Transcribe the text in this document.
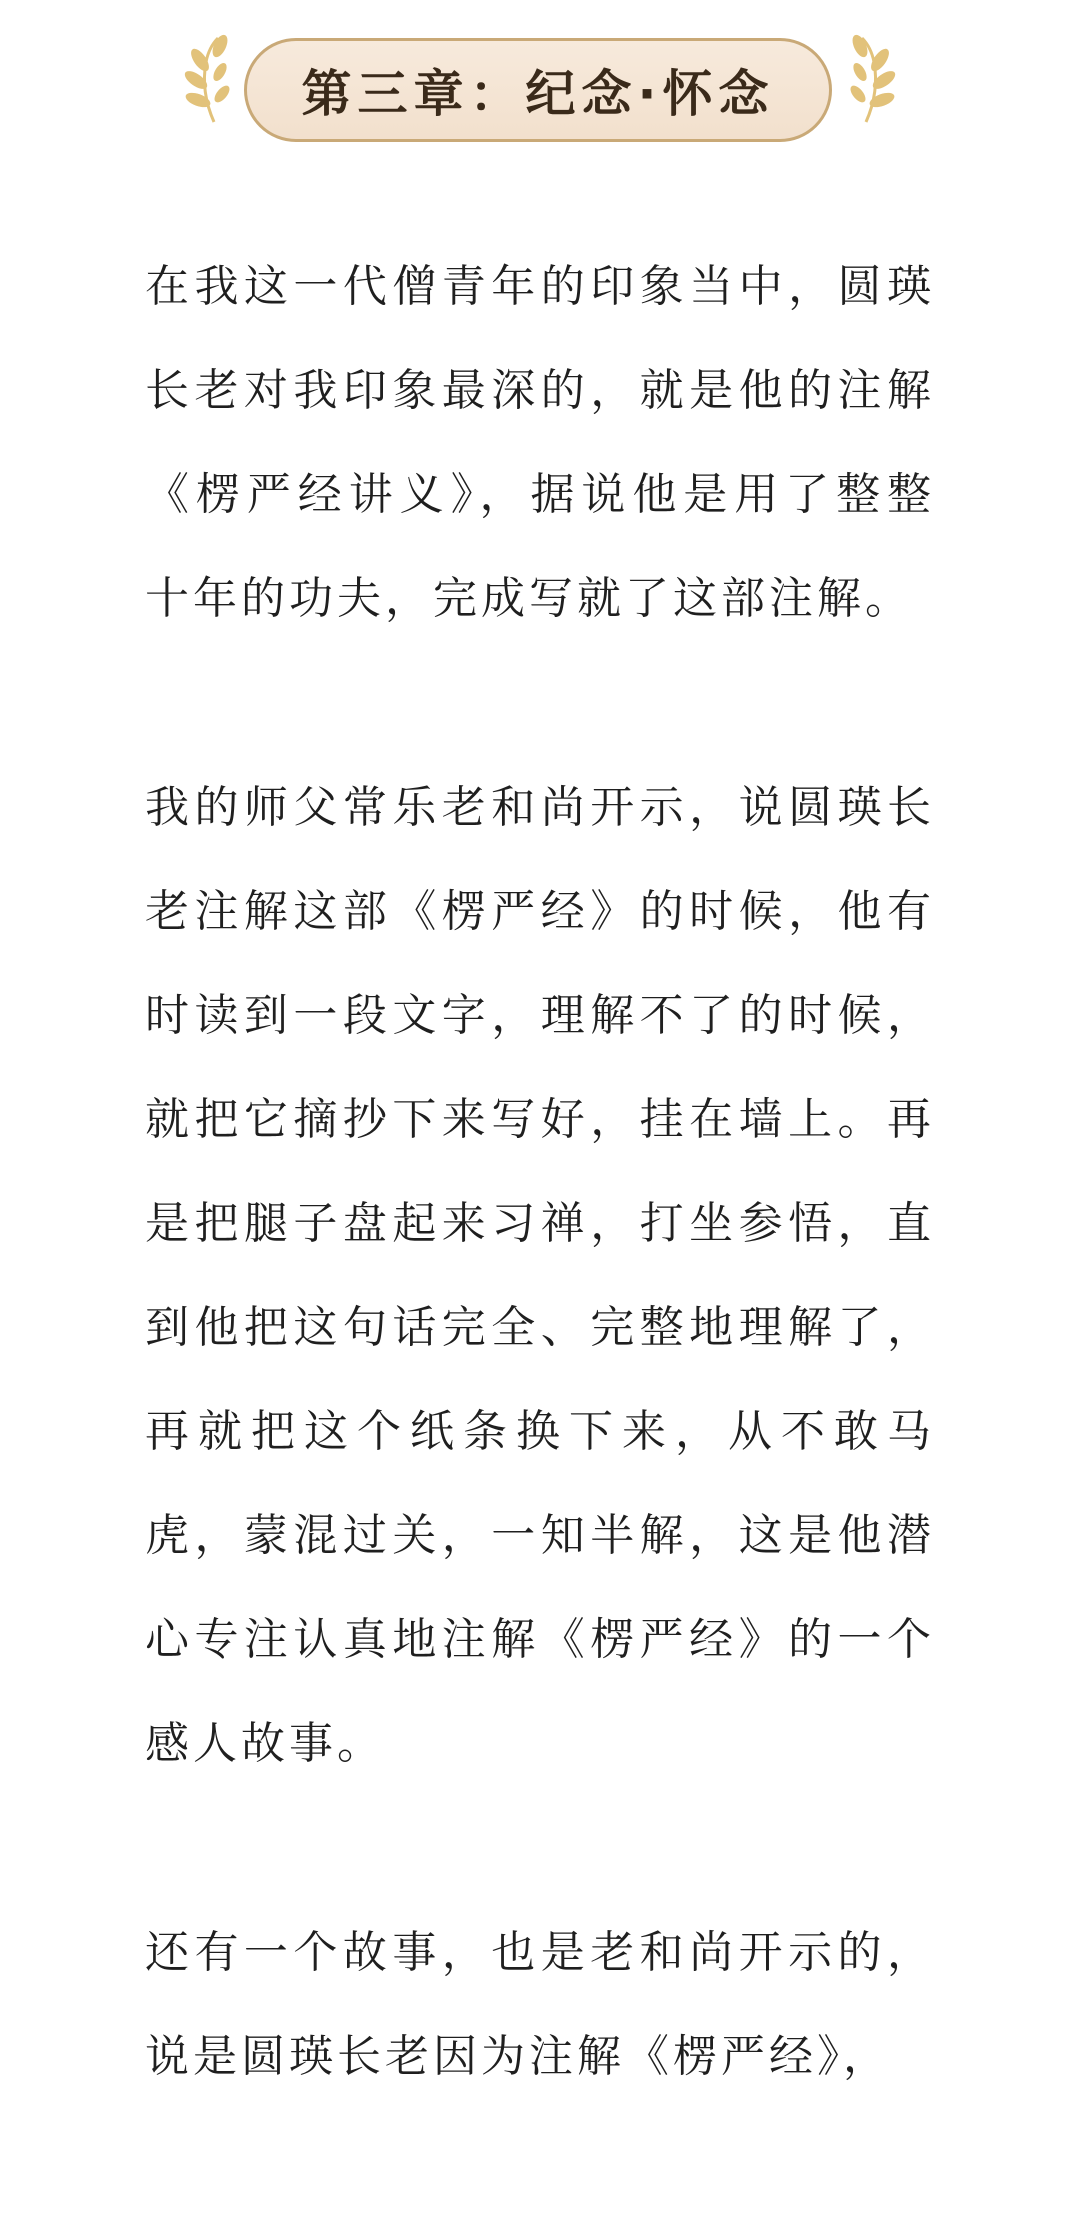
第三章：纪念·怀念

在我这一代僧青年的印象当中，圆瑛长老对我印象最深的，就是他的注解《楞严经讲义》，据说他是用了整整十年的功夫，完成写就了这部注解。

我的师父常乐老和尚开示，说圆瑛长老注解这部《楞严经》的时候，他有时读到一段文字，理解不了的时候，就把它摘抄下来写好，挂在墙上。再是把腿子盘起来习禅，打坐参悟，直到他把这句话完全、完整地理解了，再就把这个纸条换下来，从不敢马虎，蒙混过关，一知半解，这是他潜心专注认真地注解《楞严经》的一个感人故事。

还有一个故事，也是老和尚开示的，说是圆瑛长老因为注解《楞严经》，
